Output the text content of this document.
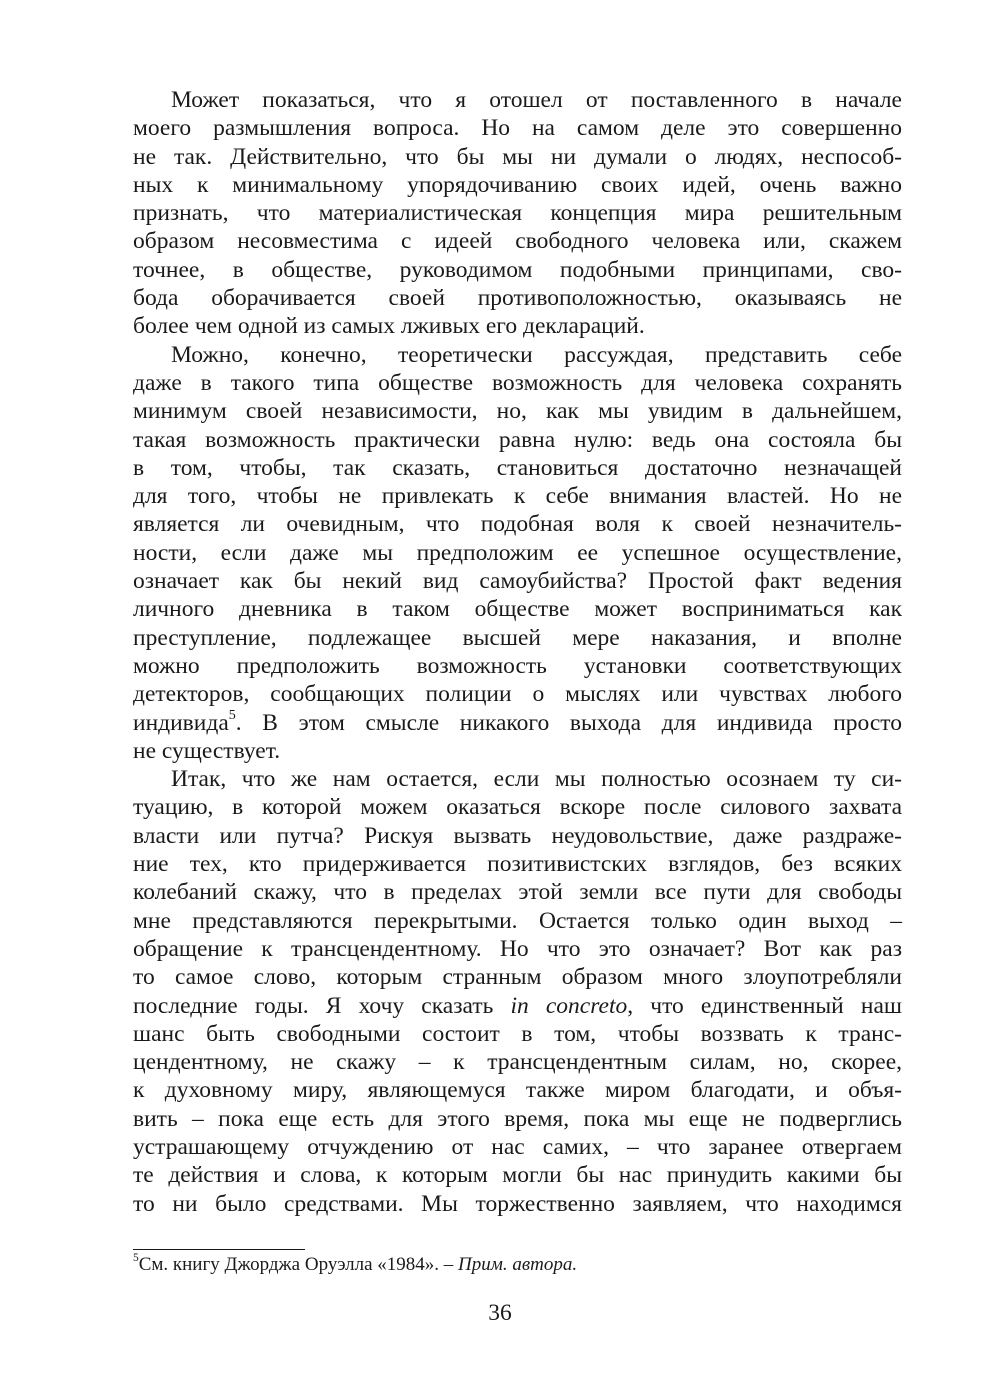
Может показаться, что я отошел от поставленного в начале
моего размышления вопроса. Но на самом деле это совершенно
не так. Действительно, что бы мы ни думали о людях, неспособ-
ных к минимальному упорядочиванию своих идей, очень важно
признать, что материалистическая концепция мира решительным
образом несовместима с идеей свободного человека или, скажем
точнее, в обществе, руководимом подобными принципами, сво-
бода оборачивается своей противоположностью, оказываясь не
более чем одной из самых лживых его деклараций.
Можно, конечно, теоретически рассуждая, представить себе
даже в такого типа обществе возможность для человека сохранять
минимум своей независимости, но, как мы увидим в дальнейшем,
такая возможность практически равна нулю: ведь она состояла бы
в том, чтобы, так сказать, становиться достаточно незначащей
для того, чтобы не привлекать к себе внимания властей. Но не
является ли очевидным, что подобная воля к своей незначитель-
ности, если даже мы предположим ее успешное осуществление,
означает как бы некий вид самоубийства? Простой факт ведения
личного дневника в таком обществе может восприниматься как
преступление, подлежащее высшей мере наказания, и вполне
можно предположить возможность установки соответствующих
детекторов, сообщающих полиции о мыслях или чувствах любого
индивида$^5$. В этом смысле никакого выхода для индивида просто
не существует.
Итак, что же нам остается, если мы полностью осознаем ту си-
туацию, в которой можем оказаться вскоре после силового захвата
власти или путча? Рискуя вызвать неудовольствие, даже раздраже-
ние тех, кто придерживается позитивистских взглядов, без всяких
колебаний скажу, что в пределах этой земли все пути для свободы
мне представляются перекрытыми. Остается только один выход –
обращение к трансцендентному. Но что это означает? Вот как раз
то самое слово, которым странным образом много злоупотребляли
последние годы. Я хочу сказать in concreto, что единственный наш
шанс быть свободными состоит в том, чтобы воззвать к транс-
цендентному, не скажу – к трансцендентным силам, но, скорее,
к духовному миру, являющемуся также миром благодати, и объя-
вить – пока еще есть для этого время, пока мы еще не подверглись
устрашающему отчуждению от нас самих, – что заранее отвергаем
те действия и слова, к которым могли бы нас принудить какими бы
то ни было средствами. Мы торжественно заявляем, что находимся
$^5$См. книгу Джорджа Оруэлла «1984». – Прим. автора.
36
